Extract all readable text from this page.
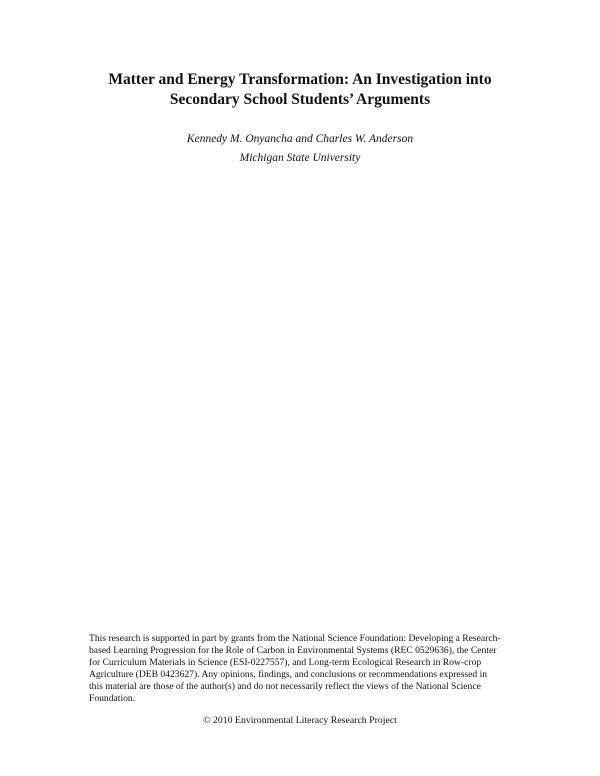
Matter and Energy Transformation: An Investigation into
Secondary School Students’ Arguments
Kennedy M. Onyancha and Charles W. Anderson
Michigan State University
This research is supported in part by grants from the National Science Foundation: Developing a Research-
based Learning Progression for the Role of Carbon in Environmental Systems (REC 0529636), the Center
for Curriculum Materials in Science (ESI-0227557), and Long-term Ecological Research in Row-crop
Agriculture (DEB 0423627). Any opinions, findings, and conclusions or recommendations expressed in
this material are those of the author(s) and do not necessarily reflect the views of the National Science
Foundation.
© 2010 Environmental Literacy Research Project
